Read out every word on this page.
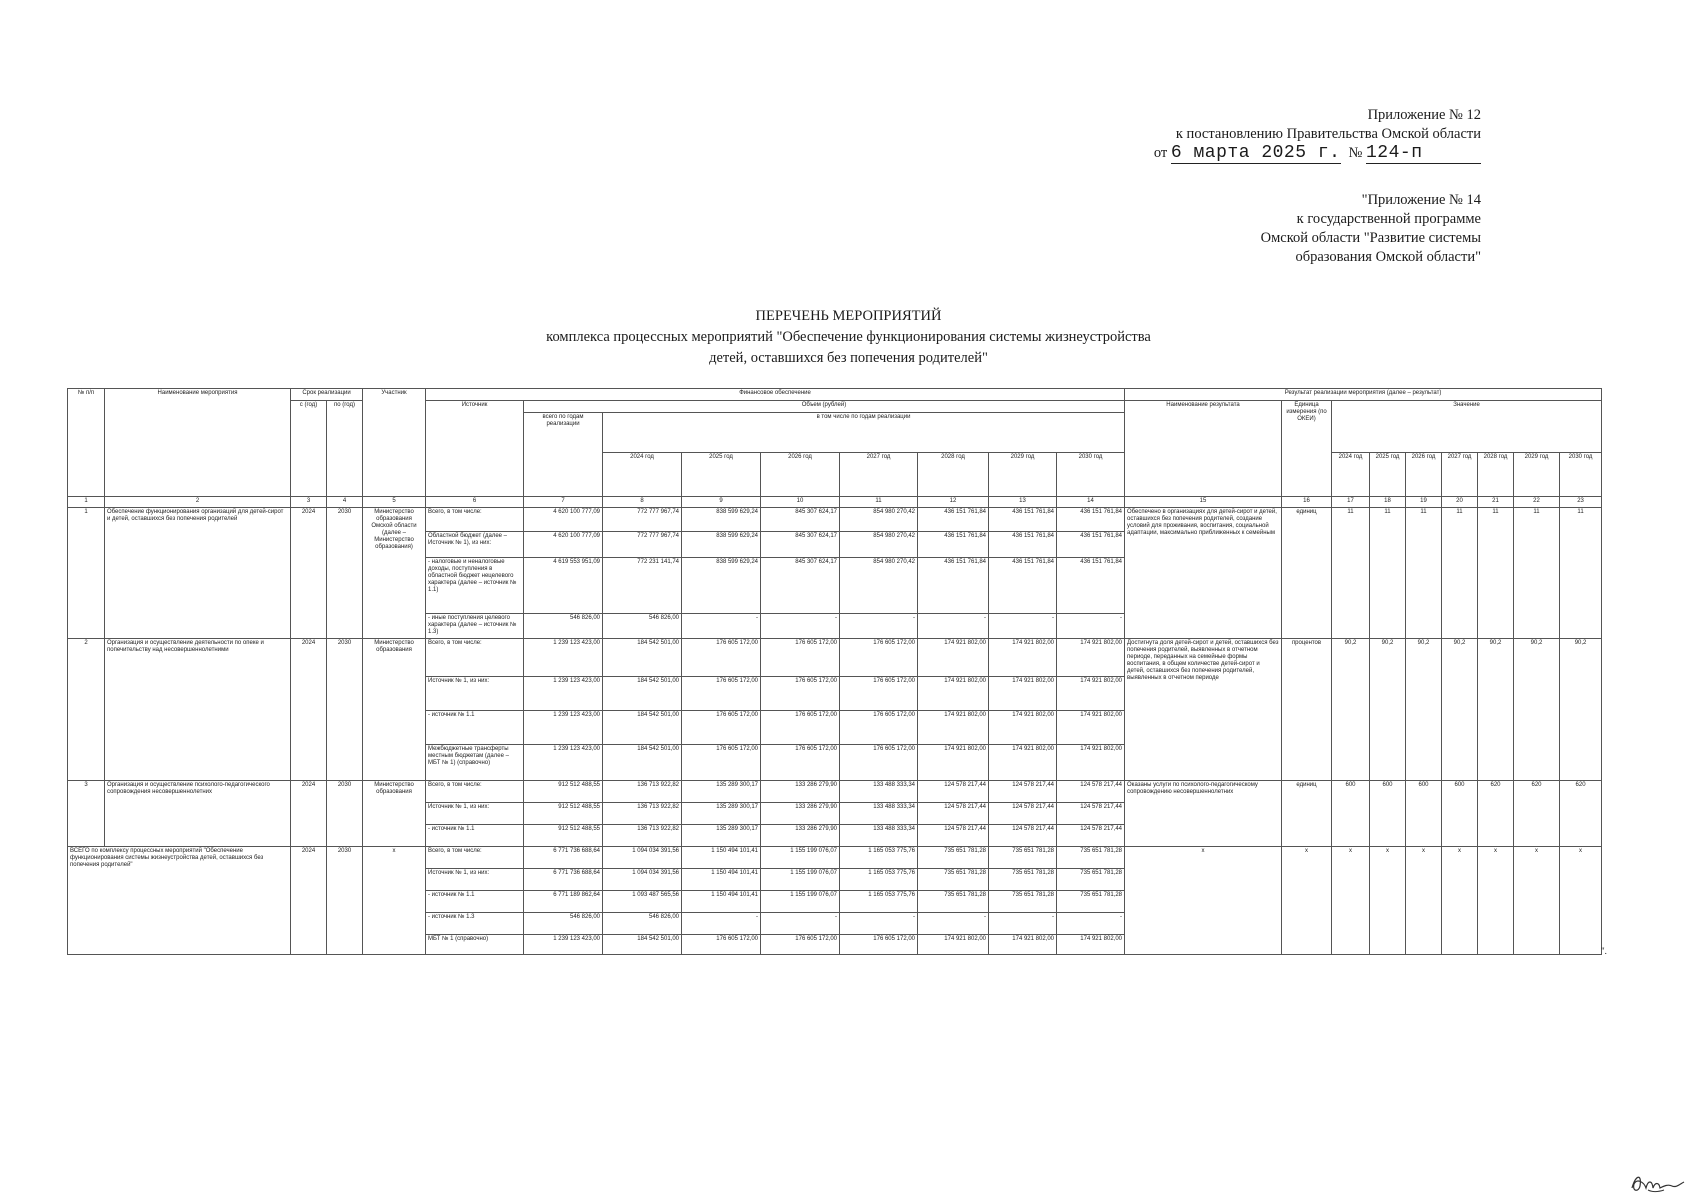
Приложение № 12
к постановлению Правительства Омской области
от 6 марта 2025 г. № 124-п
"Приложение № 14
к государственной программе
Омской области "Развитие системы
образования Омской области"
ПЕРЕЧЕНЬ МЕРОПРИЯТИЙ
комплекса процессных мероприятий "Обеспечение функционирования системы жизнеустройства
детей, оставшихся без попечения родителей"
№ п/п	Наименование мероприятия	Срок реализации		Участник	Финансовое обеспечение									Результат реализации мероприятия (далее – результат)								
		с (год)	по (год)		Источник	Объем (рублей)								Наименование результата	Единица измерения (по ОКЕИ)	Значение						
						всего по годам реализации	в том числе по годам реализации															
							2024 год	2025 год	2026 год	2027 год	2028 год	2029 год	2030 год			2024 год	2025 год	2026 год	2027 год	2028 год	2029 год	2030 год
1	2	3	4	5	6	7	8	9	10	11	12	13	14	15	16	17	18	19	20	21	22	23
1	Обеспечение функционирования организаций для детей-сирот и детей, оставшихся без попечения родителей	2024	2030	Министерство образования Омской области (далее – Министерство образования)	Всего, в том числе:	4 620 100 777,09	772 777 967,74	838 599 629,24	845 307 624,17	854 980 270,42	436 151 761,84	436 151 761,84	436 151 761,84	Обеспечено в организациях для детей-сирот и детей, оставшихся без попечения родителей, создание условий для проживания, воспитания, социальной адаптации, максимально приближенных к семейным	единиц	11	11	11	11	11	11	11
					Областной бюджет (далее – Источник № 1), из них:	4 620 100 777,09	772 777 967,74	838 599 629,24	845 307 624,17	854 980 270,42	436 151 761,84	436 151 761,84	436 151 761,84									
					- налоговые и неналоговые доходы, поступления в областной бюджет нецелевого характера (далее – источник № 1.1)	4 619 553 951,09	772 231 141,74	838 599 629,24	845 307 624,17	854 980 270,42	436 151 761,84	436 151 761,84	436 151 761,84									
					- иные поступления целевого характера (далее – источник № 1.3)	546 826,00	546 826,00	-	-	-	-	-	-									
2	Организация и осуществление деятельности по опеке и попечительству над несовершеннолетними	2024	2030	Министерство образования	Всего, в том числе:	1 239 123 423,00	184 542 501,00	176 605 172,00	176 605 172,00	176 605 172,00	174 921 802,00	174 921 802,00	174 921 802,00	Достигнута доля детей-сирот и детей, оставшихся без попечения родителей, выявленных в отчетном периоде, переданных на семейные формы воспитания, в общем количестве детей-сирот и детей, оставшихся без попечения родителей, выявленных в отчетном периоде	процентов	90,2	90,2	90,2	90,2	90,2	90,2	90,2
					Источник № 1, из них:	1 239 123 423,00	184 542 501,00	176 605 172,00	176 605 172,00	176 605 172,00	174 921 802,00	174 921 802,00	174 921 802,00									
					- источник № 1.1	1 239 123 423,00	184 542 501,00	176 605 172,00	176 605 172,00	176 605 172,00	174 921 802,00	174 921 802,00	174 921 802,00									
					Межбюджетные трансферты местным бюджетам (далее – МБТ № 1) (справочно)	1 239 123 423,00	184 542 501,00	176 605 172,00	176 605 172,00	176 605 172,00	174 921 802,00	174 921 802,00	174 921 802,00									
3	Организация и осуществление психолого-педагогического сопровождения несовершеннолетних	2024	2030	Министерство образования	Всего, в том числе:	912 512 488,55	136 713 922,82	135 289 300,17	133 286 279,90	133 488 333,34	124 578 217,44	124 578 217,44	124 578 217,44	Оказаны услуги по психолого-педагогическому сопровождению несовершеннолетних	единиц	600	600	600	600	620	620	620
					Источник № 1, из них:	912 512 488,55	136 713 922,82	135 289 300,17	133 286 279,90	133 488 333,34	124 578 217,44	124 578 217,44	124 578 217,44									
					- источник № 1.1	912 512 488,55	136 713 922,82	135 289 300,17	133 286 279,90	133 488 333,34	124 578 217,44	124 578 217,44	124 578 217,44									
ВСЕГО по комплексу процессных мероприятий "Обеспечение функционирования системы жизнеустройства детей, оставшихся без попечения родителей"		2024	2030	х	Всего, в том числе:	6 771 736 688,64	1 094 034 391,56	1 150 494 101,41	1 155 199 076,07	1 165 053 775,76	735 651 781,28	735 651 781,28	735 651 781,28	х	х	х	х	х	х	х	х	х
					Источник № 1, из них:	6 771 736 688,64	1 094 034 391,56	1 150 494 101,41	1 155 199 076,07	1 165 053 775,76	735 651 781,28	735 651 781,28	735 651 781,28									
					- источник № 1.1	6 771 189 862,64	1 093 487 565,56	1 150 494 101,41	1 155 199 076,07	1 165 053 775,76	735 651 781,28	735 651 781,28	735 651 781,28									
					- источник № 1.3	546 826,00	546 826,00	-	-	-	-	-	-									
					МБТ № 1 (справочно)	1 239 123 423,00	184 542 501,00	176 605 172,00	176 605 172,00	176 605 172,00	174 921 802,00	174 921 802,00	174 921 802,00									
".
